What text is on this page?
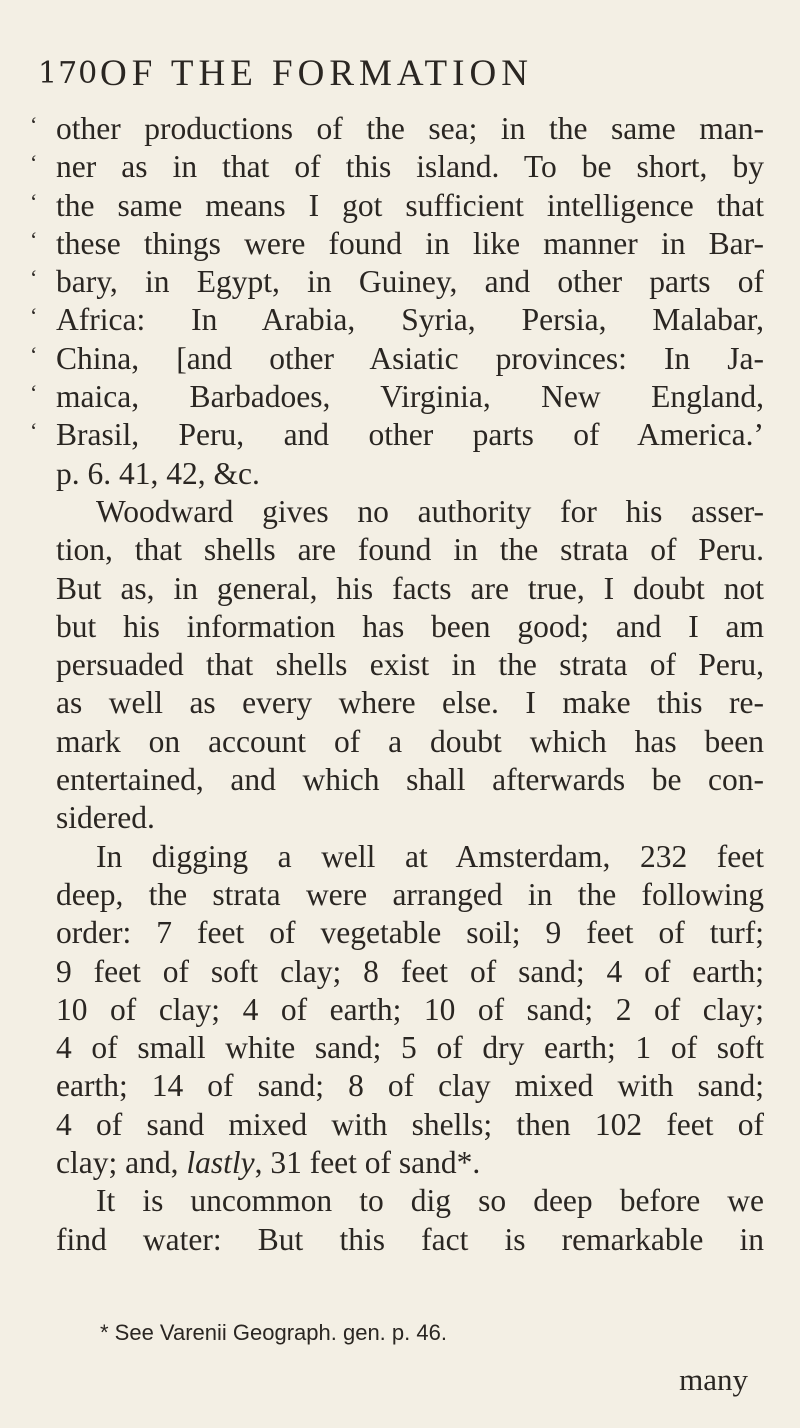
170 OF THE FORMATION
‘ other productions of the sea; in the same man-
‘ ner as in that of this island. To be short, by
‘ the same means I got sufficient intelligence that
‘ these things were found in like manner in Bar-
‘ bary, in Egypt, in Guiney, and other parts of
‘ Africa: In Arabia, Syria, Persia, Malabar,
‘ China, [and other Asiatic provinces: In Ja-
‘ maica, Barbadoes, Virginia, New England,
‘ Brasil, Peru, and other parts of America.’
p. 6. 41, 42, &c.
Woodward gives no authority for his asser-
tion, that shells are found in the strata of Peru.
But as, in general, his facts are true, I doubt not
but his information has been good; and I am
persuaded that shells exist in the strata of Peru,
as well as every where else. I make this re-
mark on account of a doubt which has been
entertained, and which shall afterwards be con-
sidered.
In digging a well at Amsterdam, 232 feet
deep, the strata were arranged in the following
order: 7 feet of vegetable soil; 9 feet of turf;
9 feet of soft clay; 8 feet of sand; 4 of earth;
10 of clay; 4 of earth; 10 of sand; 2 of clay;
4 of small white sand; 5 of dry earth; 1 of soft
earth; 14 of sand; 8 of clay mixed with sand;
4 of sand mixed with shells; then 102 feet of
clay; and, lastly, 31 feet of sand*.
It is uncommon to dig so deep before we
find water: But this fact is remarkable in
* See Varenii Geograph. gen. p. 46.
many
